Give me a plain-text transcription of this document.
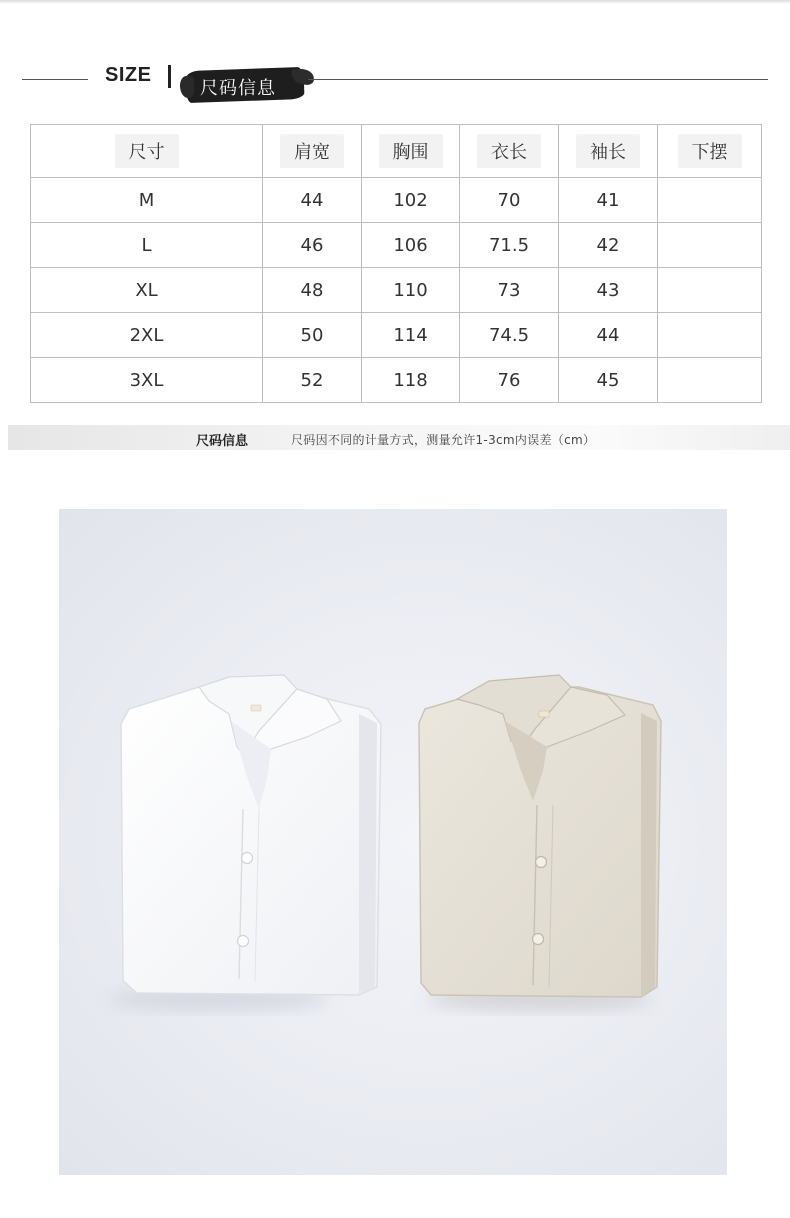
SIZE
尺码信息
尺寸	肩宽	胸围	衣长	袖长	下摆
M	44	102	70	41	
L	46	106	71.5	42	
XL	48	110	73	43	
2XL	50	114	74.5	44	
3XL	52	118	76	45	
尺码信息	尺码因不同的计量方式，测量允许1-3cm内误差（cm）
